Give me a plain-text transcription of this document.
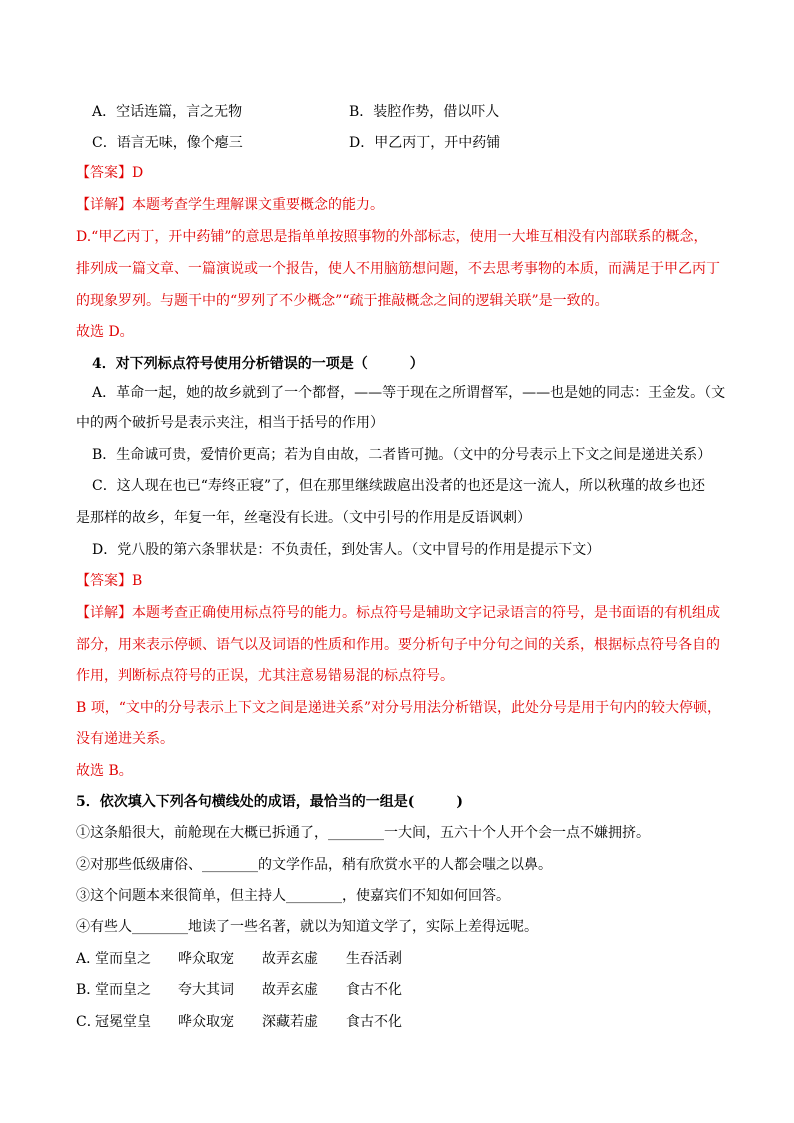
A．空话连篇，言之无物	B．装腔作势，借以吓人
C．语言无味，像个瘪三	D．甲乙丙丁，开中药铺
【答案】D
【详解】本题考查学生理解课文重要概念的能力。
D.“甲乙丙丁，开中药铺”的意思是指单单按照事物的外部标志，使用一大堆互相没有内部联系的概念，
排列成一篇文章、一篇演说或一个报告，使人不用脑筋想问题，不去思考事物的本质，而满足于甲乙丙丁
的现象罗列。与题干中的“罗列了不少概念”“疏于推敲概念之间的逻辑关联”是一致的。
故选 D。
4．对下列标点符号使用分析错误的一项是（　　　）
A．革命一起，她的故乡就到了一个都督，——等于现在之所谓督军，——也是她的同志：王金发。（文
中的两个破折号是表示夹注，相当于括号的作用）
B．生命诚可贵，爱情价更高；若为自由故，二者皆可抛。（文中的分号表示上下文之间是递进关系）
C．这人现在也已“寿终正寝”了，但在那里继续跋扈出没者的也还是这一流人，所以秋瑾的故乡也还
是那样的故乡，年复一年，丝毫没有长进。（文中引号的作用是反语讽刺）
D．党八股的第六条罪状是：不负责任，到处害人。（文中冒号的作用是提示下文）
【答案】B
【详解】本题考查正确使用标点符号的能力。标点符号是辅助文字记录语言的符号，是书面语的有机组成
部分，用来表示停顿、语气以及词语的性质和作用。要分析句子中分句之间的关系，根据标点符号各自的
作用，判断标点符号的正误，尤其注意易错易混的标点符号。
B 项，“文中的分号表示上下文之间是递进关系”对分号用法分析错误，此处分号是用于句内的较大停顿，
没有递进关系。
故选 B。
5．依次填入下列各句横线处的成语，最恰当的一组是(　　　)
①这条船很大，前舱现在大概已拆通了，________一大间，五六十个人开个会一点不嫌拥挤。
②对那些低级庸俗、________的文学作品，稍有欣赏水平的人都会嗤之以鼻。
③这个问题本来很简单，但主持人________，使嘉宾们不知如何回答。
④有些人________地读了一些名著，就以为知道文学了，实际上差得远呢。
A．
堂而皇之 哗众取宠 故弄玄虚 生吞活剥
B．
堂而皇之 夸大其词 故弄玄虚 食古不化
C．
冠冕堂皇 哗众取宠 深藏若虚 食古不化
